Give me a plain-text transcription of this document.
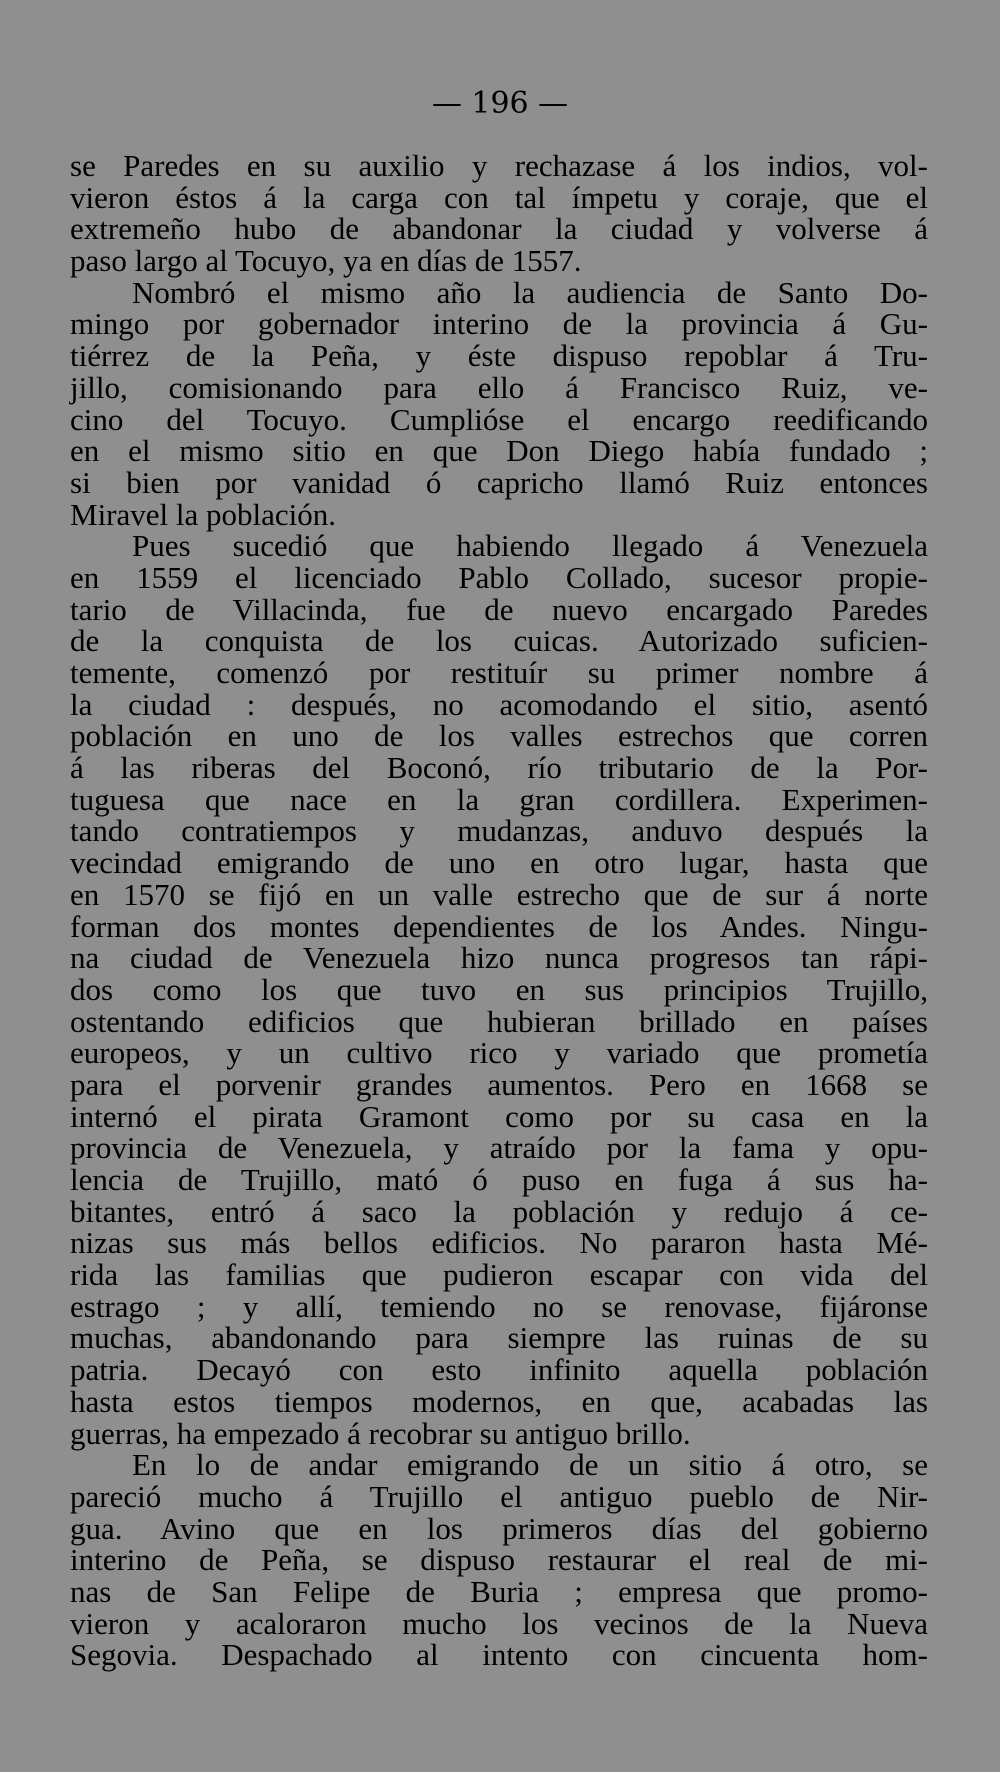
— 196 —
se Paredes en su auxilio y rechazase á los indios, vol-
vieron éstos á la carga con tal ímpetu y coraje, que el
extremeño hubo de abandonar la ciudad y volverse á
paso largo al Tocuyo, ya en días de 1557.
Nombró el mismo año la audiencia de Santo Do-
mingo por gobernador interino de la provincia á Gu-
tiérrez de la Peña, y éste dispuso repoblar á Tru-
jillo, comisionando para ello á Francisco Ruiz, ve-
cino del Tocuyo. Cumplióse el encargo reedificando
en el mismo sitio en que Don Diego había fundado ;
si bien por vanidad ó capricho llamó Ruiz entonces
Miravel la población.
Pues sucedió que habiendo llegado á Venezuela
en 1559 el licenciado Pablo Collado, sucesor propie-
tario de Villacinda, fue de nuevo encargado Paredes
de la conquista de los cuicas. Autorizado suficien-
temente, comenzó por restituír su primer nombre á
la ciudad : después, no acomodando el sitio, asentó
población en uno de los valles estrechos que corren
á las riberas del Boconó, río tributario de la Por-
tuguesa que nace en la gran cordillera. Experimen-
tando contratiempos y mudanzas, anduvo después la
vecindad emigrando de uno en otro lugar, hasta que
en 1570 se fijó en un valle estrecho que de sur á norte
forman dos montes dependientes de los Andes. Ningu-
na ciudad de Venezuela hizo nunca progresos tan rápi-
dos como los que tuvo en sus principios Trujillo,
ostentando edificios que hubieran brillado en países
europeos, y un cultivo rico y variado que prometía
para el porvenir grandes aumentos. Pero en 1668 se
internó el pirata Gramont como por su casa en la
provincia de Venezuela, y atraído por la fama y opu-
lencia de Trujillo, mató ó puso en fuga á sus ha-
bitantes, entró á saco la población y redujo á ce-
nizas sus más bellos edificios. No pararon hasta Mé-
rida las familias que pudieron escapar con vida del
estrago ; y allí, temiendo no se renovase, fijáronse
muchas, abandonando para siempre las ruinas de su
patria. Decayó con esto infinito aquella población
hasta estos tiempos modernos, en que, acabadas las
guerras, ha empezado á recobrar su antiguo brillo.
En lo de andar emigrando de un sitio á otro, se
pareció mucho á Trujillo el antiguo pueblo de Nir-
gua. Avino que en los primeros días del gobierno
interino de Peña, se dispuso restaurar el real de mi-
nas de San Felipe de Buria ; empresa que promo-
vieron y acaloraron mucho los vecinos de la Nueva
Segovia. Despachado al intento con cincuenta hom-
